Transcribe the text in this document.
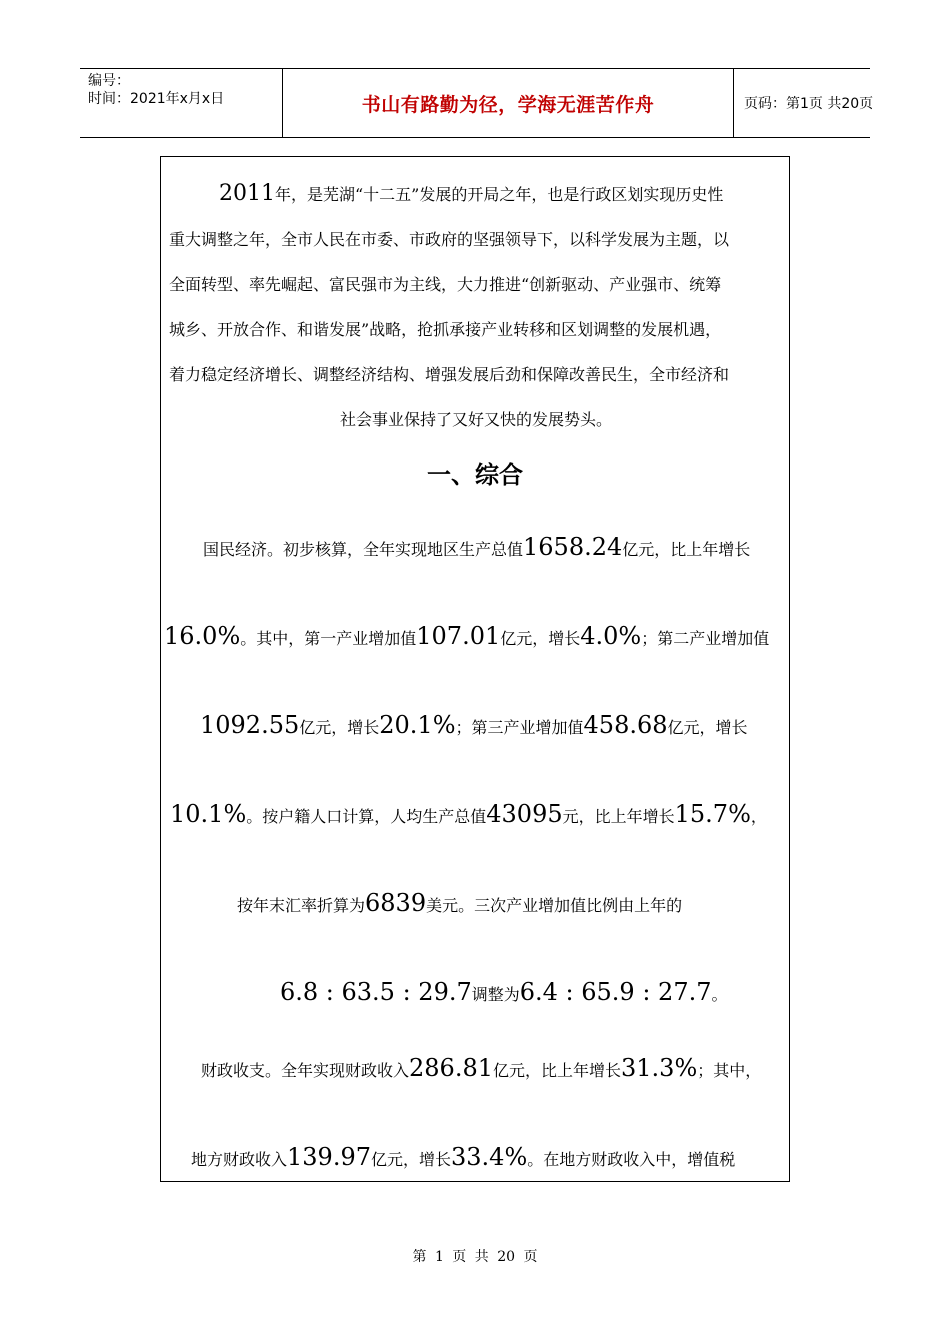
编号：
时间：2021年x月x日	书山有路勤为径，学海无涯苦作舟	页码：第1页 共20页

2011年，是芜湖“十二五”发展的开局之年，也是行政区划实现历史性

重大调整之年，全市人民在市委、市政府的坚强领导下，以科学发展为主题，以

全面转型、率先崛起、富民强市为主线，大力推进“创新驱动、产业强市、统筹

城乡、开放合作、和谐发展”战略，抢抓承接产业转移和区划调整的发展机遇，

着力稳定经济增长、调整经济结构、增强发展后劲和保障改善民生，全市经济和

社会事业保持了又好又快的发展势头。

一、综合
国民经济。初步核算，全年实现地区生产总值1658.24亿元，比上年增长
16.0%。其中，第一产业增加值107.01亿元，增长4.0%；第二产业增加值
1092.55亿元，增长20.1%；第三产业增加值458.68亿元，增长
10.1%。按户籍人口计算，人均生产总值43095元，比上年增长15.7%，
按年末汇率折算为6839美元。三次产业增加值比例由上年的
6.8 : 63.5 : 29.7调整为6.4 : 65.9 : 27.7。
财政收支。全年实现财政收入286.81亿元，比上年增长31.3%；其中，
地方财政收入139.97亿元，增长33.4%。在地方财政收入中，增值税
第 1 页 共 20 页
